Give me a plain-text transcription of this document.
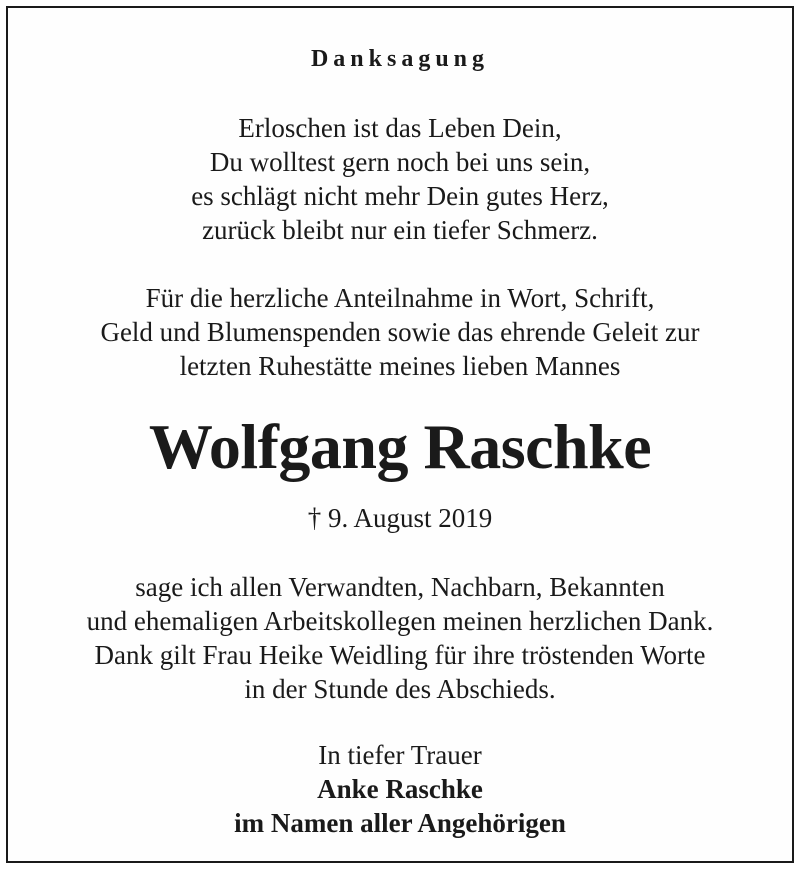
Danksagung
Erloschen ist das Leben Dein,
Du wolltest gern noch bei uns sein,
es schlägt nicht mehr Dein gutes Herz,
zurück bleibt nur ein tiefer Schmerz.
Für die herzliche Anteilnahme in Wort, Schrift,
Geld und Blumenspenden sowie das ehrende Geleit zur
letzten Ruhestätte meines lieben Mannes
Wolfgang Raschke
† 9. August 2019
sage ich allen Verwandten, Nachbarn, Bekannten
und ehemaligen Arbeitskollegen meinen herzlichen Dank.
Dank gilt Frau Heike Weidling für ihre tröstenden Worte
in der Stunde des Abschieds.
In tiefer Trauer
Anke Raschke
im Namen aller Angehörigen
